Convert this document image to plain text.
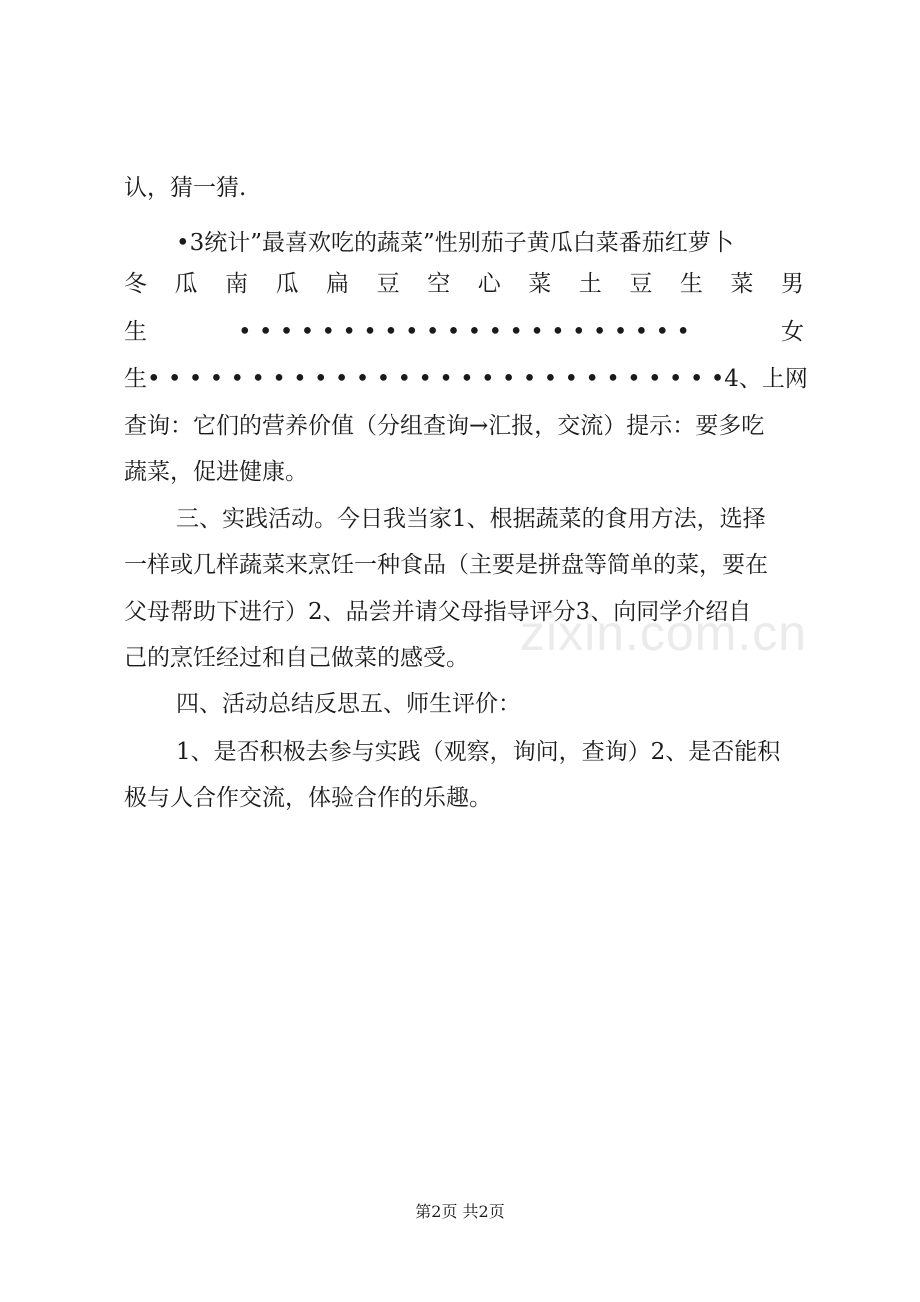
认，猜一猜.
•3统计”最喜欢吃的蔬菜”性别茄子黄瓜白菜番茄红萝卜
冬 瓜 南 瓜 扁 豆 空 心 菜 土 豆 生 菜 男
生	• • • • • • • • • • • • • • • • • • • • • •	女
生• • • • • • • • • • • • • • • • • • • • • • • • • • • •4、上网
查询：它们的营养价值（分组查询→汇报，交流）提示：要多吃
蔬菜，促进健康。
三、实践活动。今日我当家1、根据蔬菜的食用方法，选择
一样或几样蔬菜来烹饪一种食品（主要是拼盘等简单的菜，要在
父母帮助下进行）2、品尝并请父母指导评分3、向同学介绍自
己的烹饪经过和自己做菜的感受。
四、活动总结反思五、师生评价：
1、是否积极去参与实践（观察，询问，查询）2、是否能积
极与人合作交流，体验合作的乐趣。
zixin.com.cn
第2页 共2页
